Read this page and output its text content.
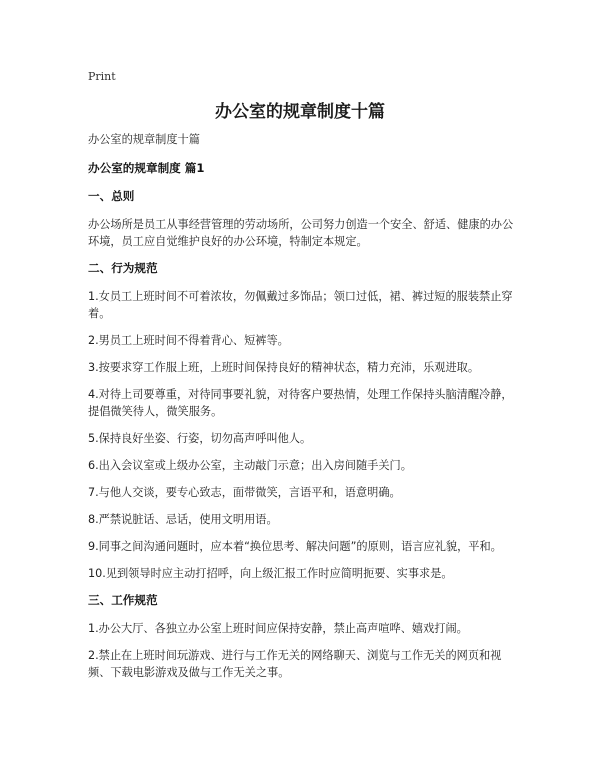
Print
办公室的规章制度十篇

办公室的规章制度十篇

办公室的规章制度 篇1

一、总则

办公场所是员工从事经营管理的劳动场所，公司努力创造一个安全、舒适、健康的办公环境，员工应自觉维护良好的办公环境，特制定本规定。

二、行为规范

1.女员工上班时间不可着浓妆，勿佩戴过多饰品；领口过低，裙、裤过短的服装禁止穿着。

2.男员工上班时间不得着背心、短裤等。

3.按要求穿工作服上班，上班时间保持良好的精神状态，精力充沛，乐观进取。

4.对待上司要尊重，对待同事要礼貌，对待客户要热情，处理工作保持头脑清醒冷静，提倡微笑待人，微笑服务。

5.保持良好坐姿、行姿，切勿高声呼叫他人。

6.出入会议室或上级办公室，主动敲门示意；出入房间随手关门。

7.与他人交谈，要专心致志，面带微笑，言语平和，语意明确。

8.严禁说脏话、忌话，使用文明用语。

9.同事之间沟通问题时，应本着“换位思考、解决问题”的原则，语言应礼貌，平和。

10.见到领导时应主动打招呼，向上级汇报工作时应简明扼要、实事求是。

三、工作规范

1.办公大厅、各独立办公室上班时间应保持安静，禁止高声喧哗、嬉戏打闹。

2.禁止在上班时间玩游戏、进行与工作无关的网络聊天、浏览与工作无关的网页和视频、下载电影游戏及做与工作无关之事。
